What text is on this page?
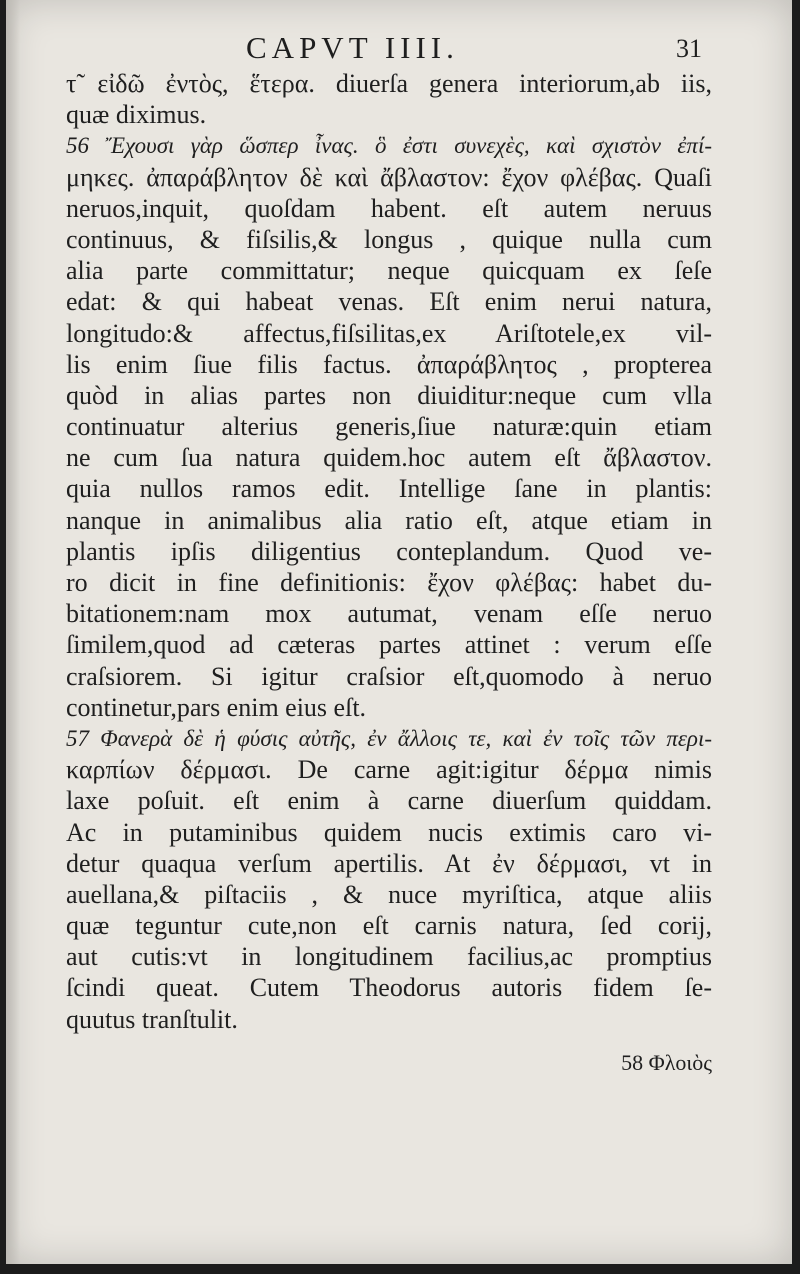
CAPVT IIII.	31
τ̃ εἰδῶ ἐντὸς, ἕτερα. diuerſa genera interiorum,ab iis,
quæ diximus.
56 Ἔχουσι γὰρ ὥσπερ ἶνας. ὃ ἐστι συνεχὲς, καὶ σχιστὸν ἐπί-
μηκες. ἀπαράβλητον δὲ καὶ ἄβλαστον: ἔχον φλέβας. Quaſi
neruos,inquit, quoſdam habent. eſt autem neruus
continuus, & fiſsilis,& longus , quique nulla cum
alia parte committatur; neque quicquam ex ſeſe
edat: & qui habeat venas. Eſt enim nerui natura,
longitudo:& affectus,fiſsilitas,ex Ariſtotele,ex vil-
lis enim ſiue filis factus. ἀπαράβλητος , propterea
quòd in alias partes non diuiditur:neque cum vlla
continuatur alterius generis,ſiue naturæ:quin etiam
ne cum ſua natura quidem.hoc autem eſt ἄβλαστον.
quia nullos ramos edit. Intellige ſane in plantis:
nanque in animalibus alia ratio eſt, atque etiam in
plantis ipſis diligentius conteplandum. Quod ve-
ro dicit in fine definitionis: ἔχον φλέβας: habet du-
bitationem:nam mox autumat, venam eſſe neruo
ſimilem,quod ad cæteras partes attinet : verum eſſe
craſsiorem. Si igitur craſsior eſt,quomodo à neruo
continetur,pars enim eius eſt.
57 Φανερὰ δὲ ἡ φύσις αὐτῆς, ἐν ἄλλοις τε, καὶ ἐν τοῖς τῶν περι-
καρπίων δέρμασι. De carne agit:igitur δέρμα nimis
laxe poſuit. eſt enim à carne diuerſum quiddam.
Ac in putaminibus quidem nucis extimis caro vi-
detur quaqua verſum apertilis. At ἐν δέρμασι, vt in
auellana,& piſtaciis , & nuce myriſtica, atque aliis
quæ teguntur cute,non eſt carnis natura, ſed corij,
aut cutis:vt in longitudinem facilius,ac promptius
ſcindi queat. Cutem Theodorus autoris fidem ſe-
quutus tranſtulit.
58 Φλοιὸς
